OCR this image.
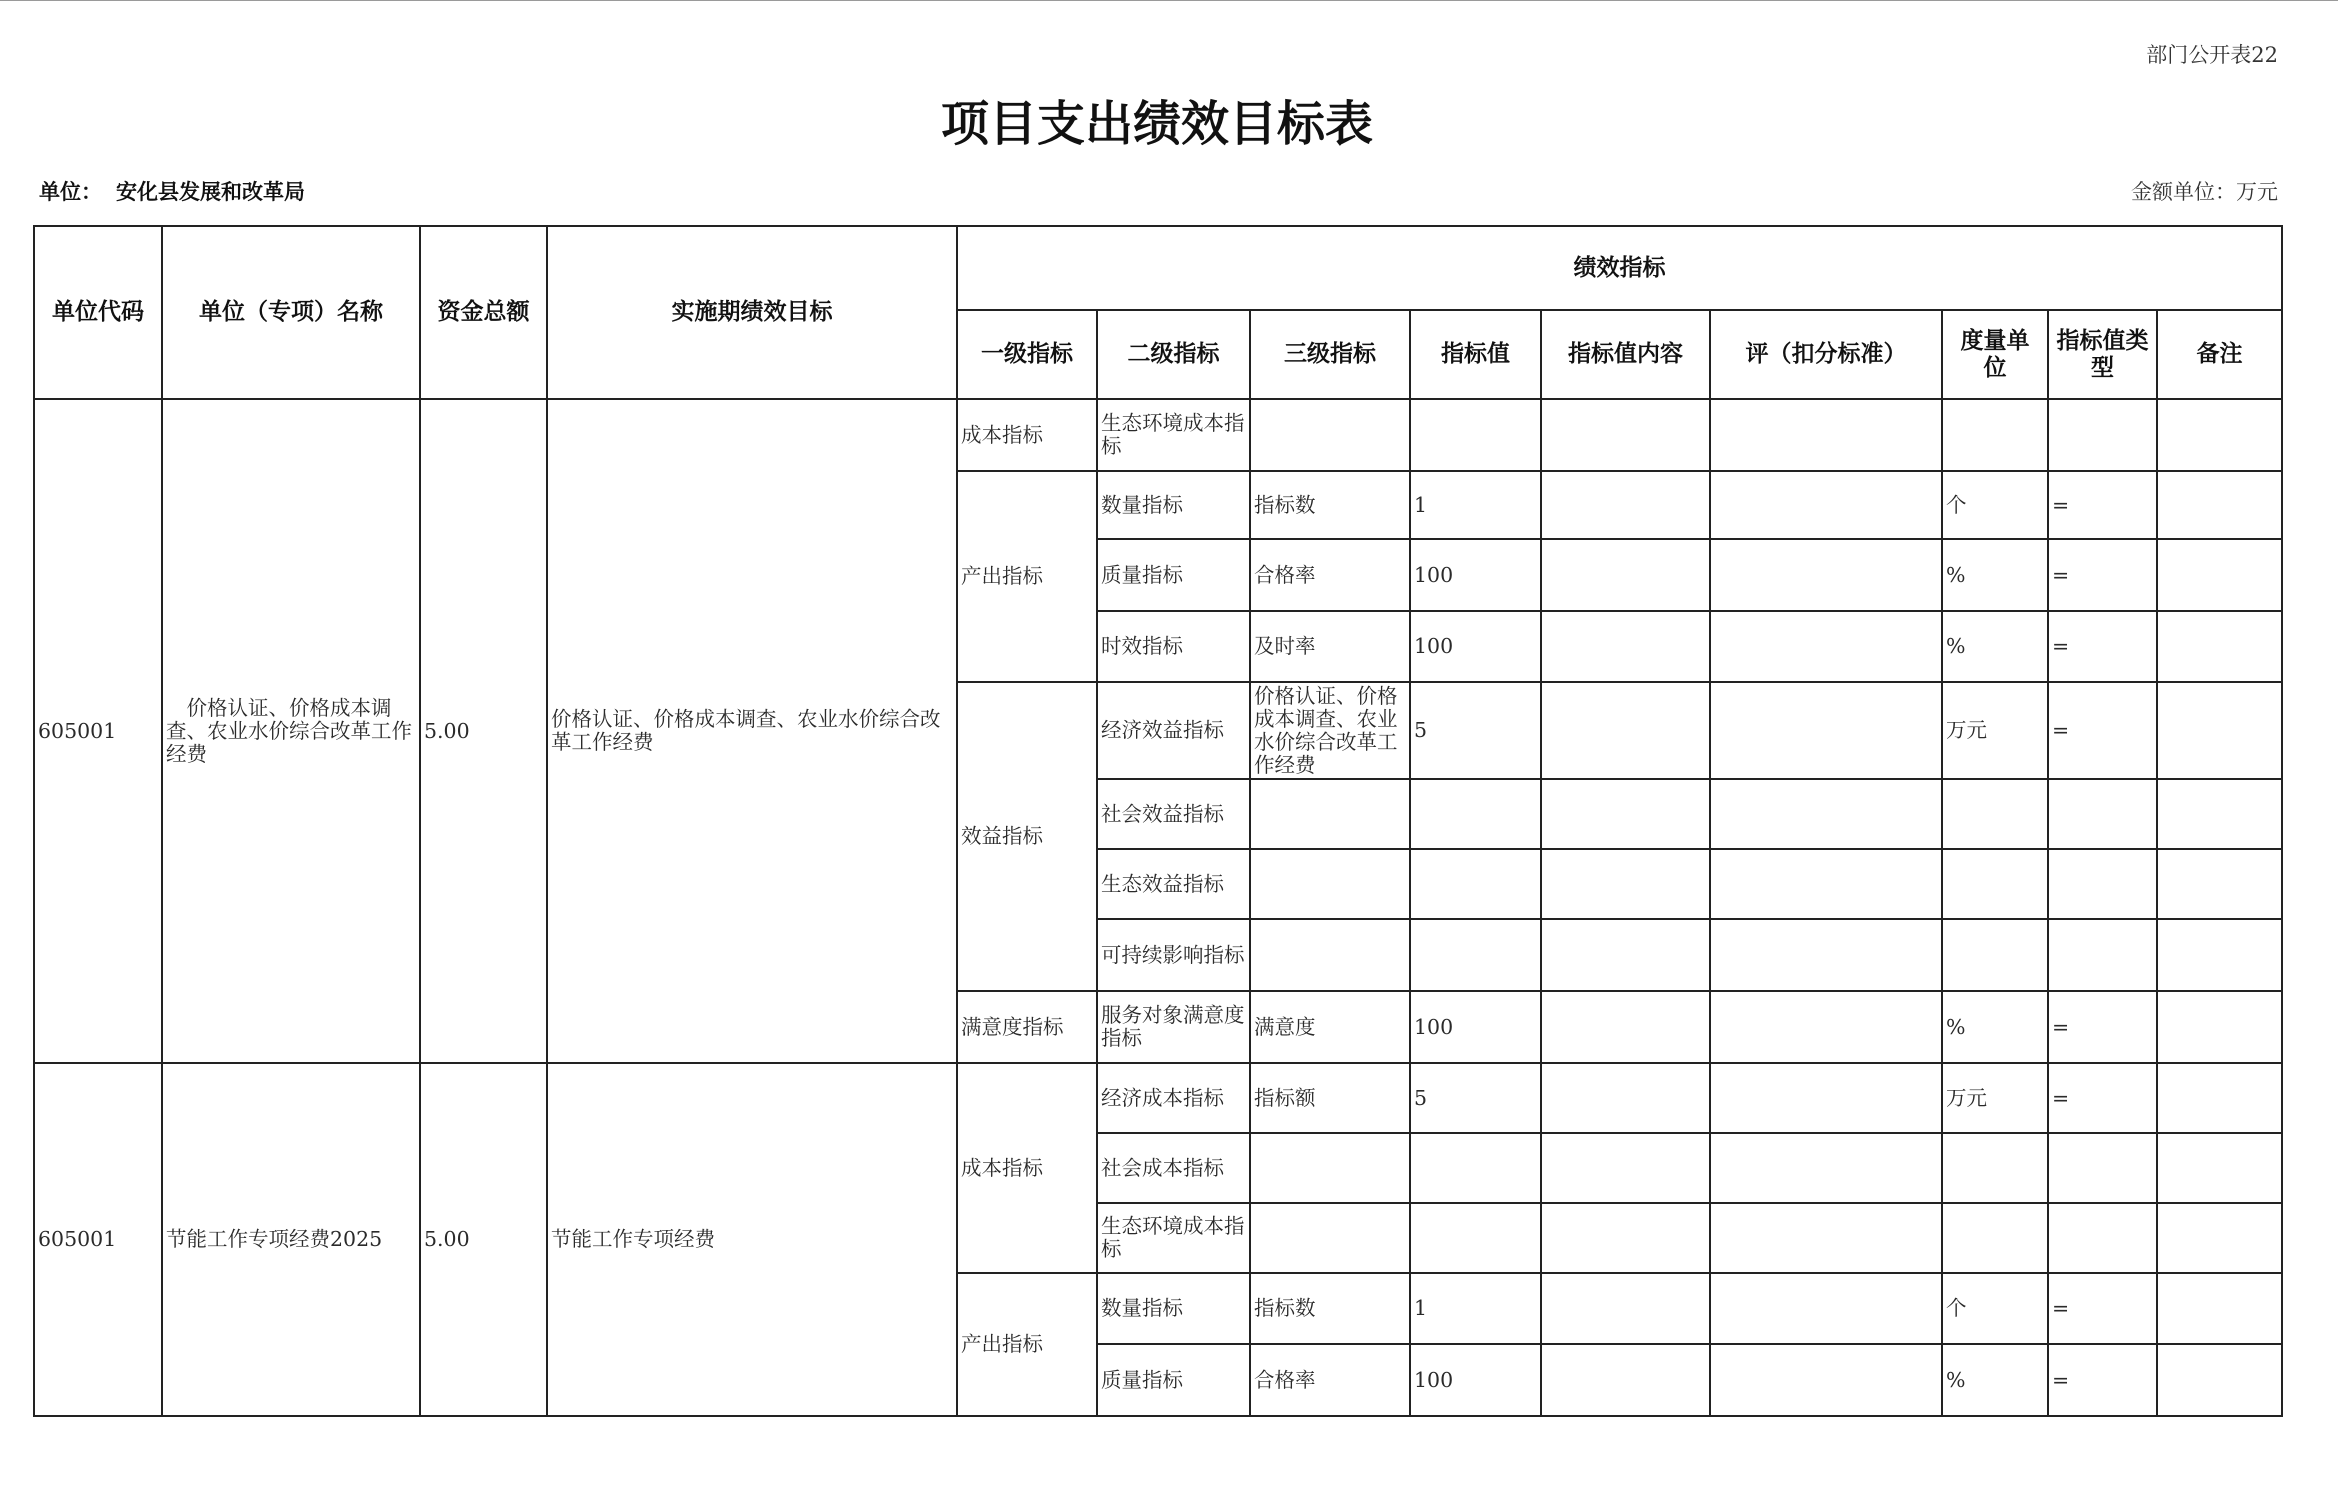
部门公开表22
项目支出绩效目标表
单位： 安化县发展和改革局	金额单位：万元
单位代码	单位（专项）名称	资金总额	实施期绩效目标	绩效指标								
				一级指标	二级指标	三级指标	指标值	指标值内容	评（扣分标准）	度量单位	指标值类型	备注
605001	价格认证、价格成本调查、农业水价综合改革工作经费	5.00	价格认证、价格成本调查、农业水价综合改革工作经费	成本指标	生态环境成本指标							
				产出指标	数量指标	指标数	1			个	=	
					质量指标	合格率	100			%	=	
					时效指标	及时率	100			%	=	
				效益指标	经济效益指标	价格认证、价格成本调查、农业水价综合改革工作经费	5			万元	=	
					社会效益指标							
					生态效益指标							
					可持续影响指标							
				满意度指标	服务对象满意度指标	满意度	100			%	=	
605001	节能工作专项经费2025	5.00	节能工作专项经费	成本指标	经济成本指标	指标额	5			万元	=	
					社会成本指标							
					生态环境成本指标							
				产出指标	数量指标	指标数	1			个	=	
					质量指标	合格率	100			%	=	
